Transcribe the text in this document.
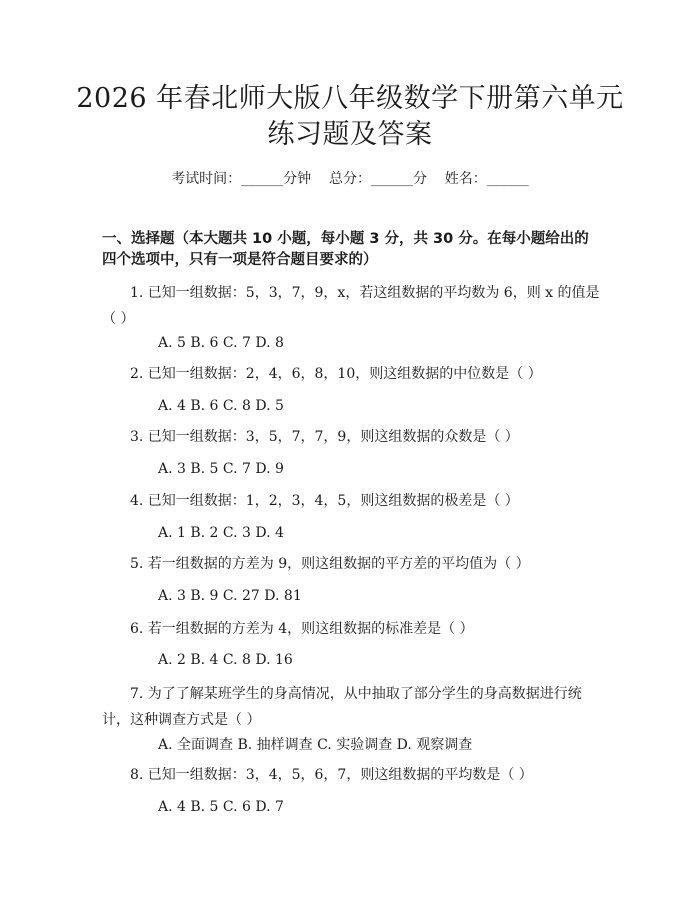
2026 年春北师大版八年级数学下册第六单元
练习题及答案
考试时间：______分钟    总分：______分    姓名：______
一、选择题（本大题共 10 小题，每小题 3 分，共 30 分。在每小题给出的四个选项中，只有一项是符合题目要求的）
1. 已知一组数据：5，3，7，9，x，若这组数据的平均数为 6，则 x 的值是（ ）
A. 5 B. 6 C. 7 D. 8
2. 已知一组数据：2，4，6，8，10，则这组数据的中位数是（ ）
A. 4 B. 6 C. 8 D. 5
3. 已知一组数据：3，5，7，7，9，则这组数据的众数是（ ）
A. 3 B. 5 C. 7 D. 9
4. 已知一组数据：1，2，3，4，5，则这组数据的极差是（ ）
A. 1 B. 2 C. 3 D. 4
5. 若一组数据的方差为 9，则这组数据的平方差的平均值为（ ）
A. 3 B. 9 C. 27 D. 81
6. 若一组数据的方差为 4，则这组数据的标准差是（ ）
A. 2 B. 4 C. 8 D. 16
7. 为了了解某班学生的身高情况，从中抽取了部分学生的身高数据进行统计，这种调查方式是（ ）
A. 全面调查 B. 抽样调查 C. 实验调查 D. 观察调查
8. 已知一组数据：3，4，5，6，7，则这组数据的平均数是（ ）
A. 4 B. 5 C. 6 D. 7
